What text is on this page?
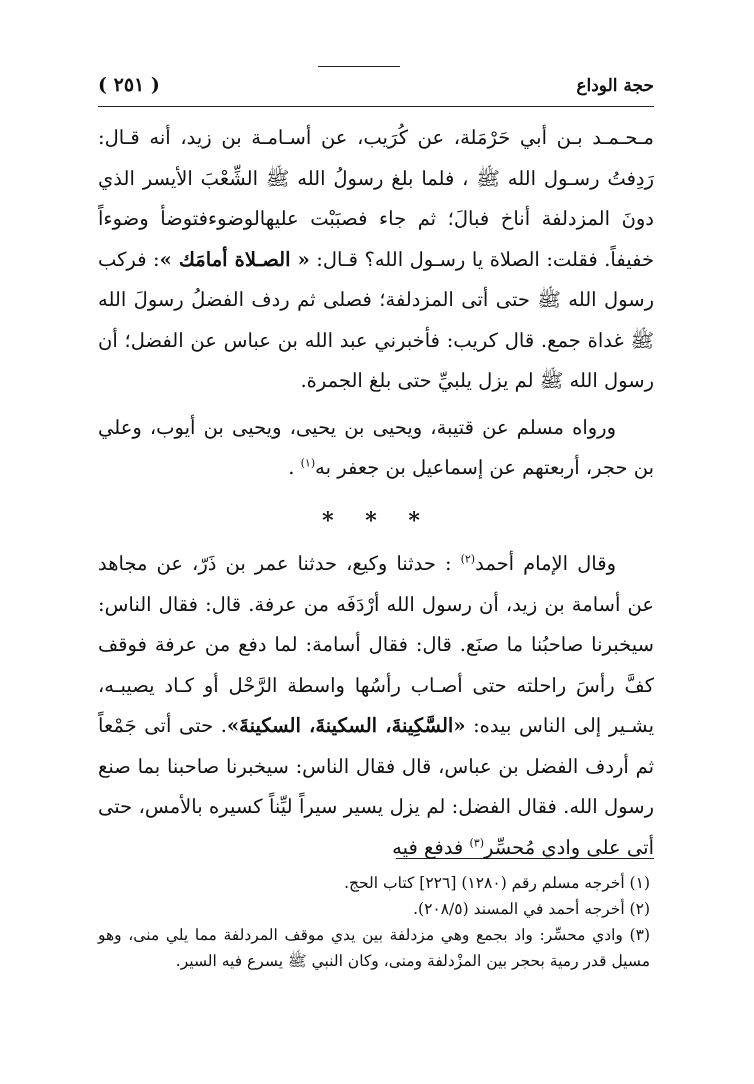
حجة الوداع
( ٢٥١ )

مـحـمـد بـن أبي حَرْمَلة، عن كُرَيب، عن أسـامـة بن زيد، أنه قـال: رَدِفتُ رسـول الله ﷺ ، فلما بلغ رسولُ الله ﷺ الشِّعْبَ الأيسر الذي دونَ المزدلفة أناخ فبالَ؛ ثم جاء فصبَبْت عليهالوضوءفتوضأ وضوءاً خفيفاً. فقلت: الصلاة يا رسـول الله؟ قـال: « الصـلاة أمامَك »: فركب رسول الله ﷺ حتى أتى المزدلفة؛ فصلى ثم ردف الفضلُ رسولَ الله ﷺ غداة جمع. قال كريب: فأخبرني عبد الله بن عباس عن الفضل؛ أن رسول الله ﷺ لم يزل يلبيِّ حتى بلغ الجمرة.

ورواه مسلم عن قتيبة، ويحيى بن يحيى، ويحيى بن أيوب، وعلي بن حجر، أربعتهم عن إسماعيل بن جعفر به$^{(١)}$ .

* * *

وقال الإمام أحمد$^{(٢)}$ : حدثنا وكيع، حدثنا عمر بن ذَرّ، عن مجاهد عن أسامة بن زيد، أن رسول الله أرْدَفَه من عرفة. قال: فقال الناس: سيخبرنا صاحبُنا ما صنَع. قال: فقال أسامة: لما دفع من عرفة فوقف كفَّ رأسَ راحلته حتى أصـاب رأسُها واسطة الرَّحْل أو كـاد يصيبـه، يشـير إلى الناس بيده: «السَّكِينةَ، السكينةَ، السكينةَ». حتى أتى جَمْعاً ثم أردف الفضل بن عباس، قال فقال الناس: سيخبرنا صاحبنا بما صنع رسول الله. فقال الفضل: لم يزل يسير سيراً ليِّناً كسيره بالأمس، حتى أتى على وادي مُحسِّر$^{(٣)}$ فدفع فيه

(١) أخرجه مسلم رقم (١٢٨٠) [٢٢٦] كتاب الحج.

(٢) أخرجه أحمد في المسند (٢٠٨/٥).

(٣) وادي محسِّر: واد بجمع وهي مزدلفة بين يدي موقف المردلفة مما يلي منى، وهو مسيل قدر رمية بحجر بين المزْدلفة ومنى، وكان النبي ﷺ يسرع فيه السير.
